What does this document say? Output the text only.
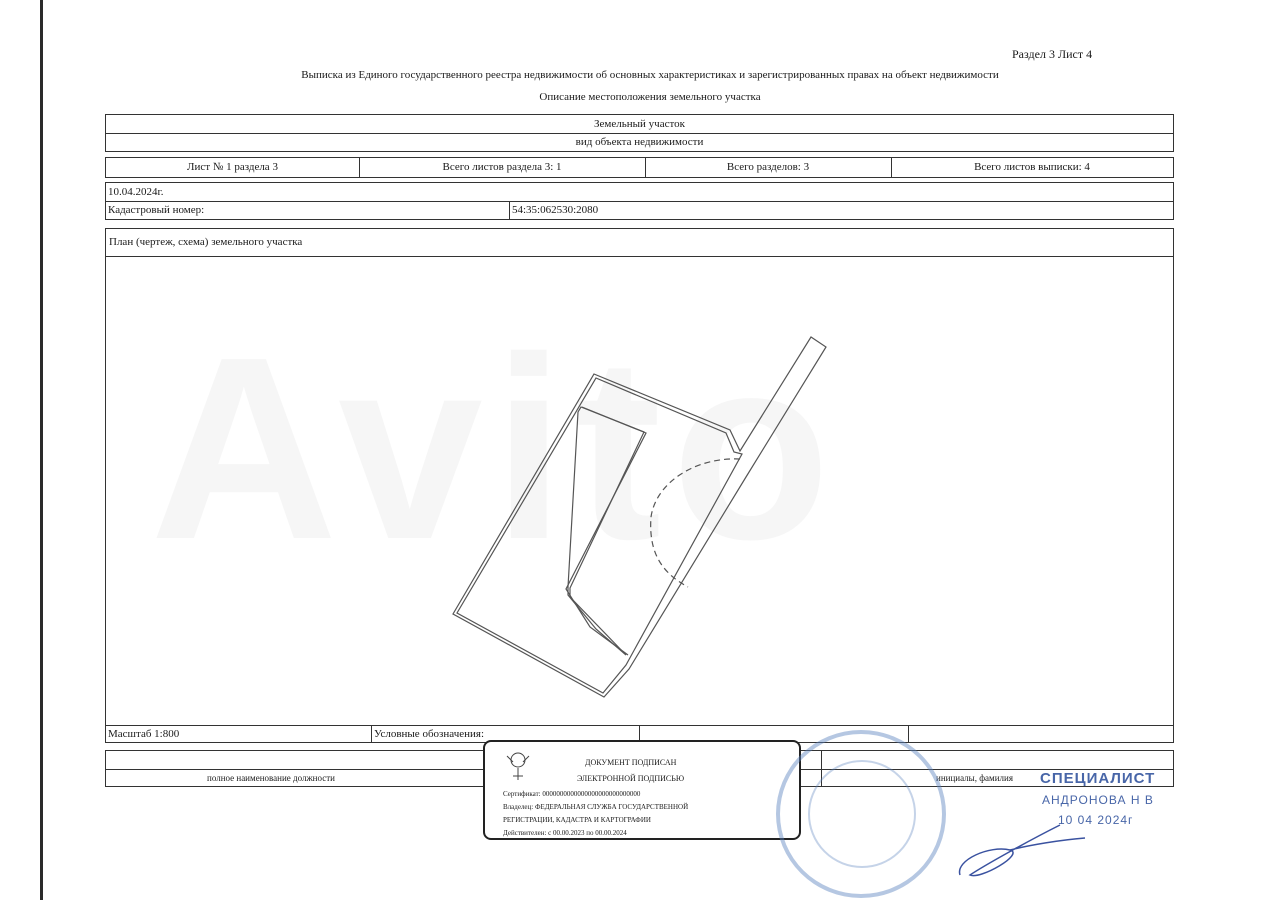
Avito
Раздел 3 Лист 4
Выписка из Единого государственного реестра недвижимости об основных характеристиках и зарегистрированных правах на объект недвижимости
Описание местоположения земельного участка
Земельный участок
вид объекта недвижимости
Лист № 1 раздела 3	Всего листов раздела 3: 1	Всего разделов: 3	Всего листов выписки: 4
10.04.2024г.
Кадастровый номер:	54:35:062530:2080
План (чертеж, схема) земельного участка
Масштаб 1:800	Условные обозначения:
полное наименование должности	инициалы, фамилия
ДОКУМЕНТ ПОДПИСАН
ЭЛЕКТРОННОЙ ПОДПИСЬЮ
Сертификат: 0000000000000000000000000000
Владелец: ФЕДЕРАЛЬНАЯ СЛУЖБА ГОСУДАРСТВЕННОЙ
РЕГИСТРАЦИИ, КАДАСТРА И КАРТОГРАФИИ
Действителен: с 00.00.2023 по 00.00.2024
СПЕЦИАЛИСТ
АНДРОНОВА Н В
10 04 2024г
